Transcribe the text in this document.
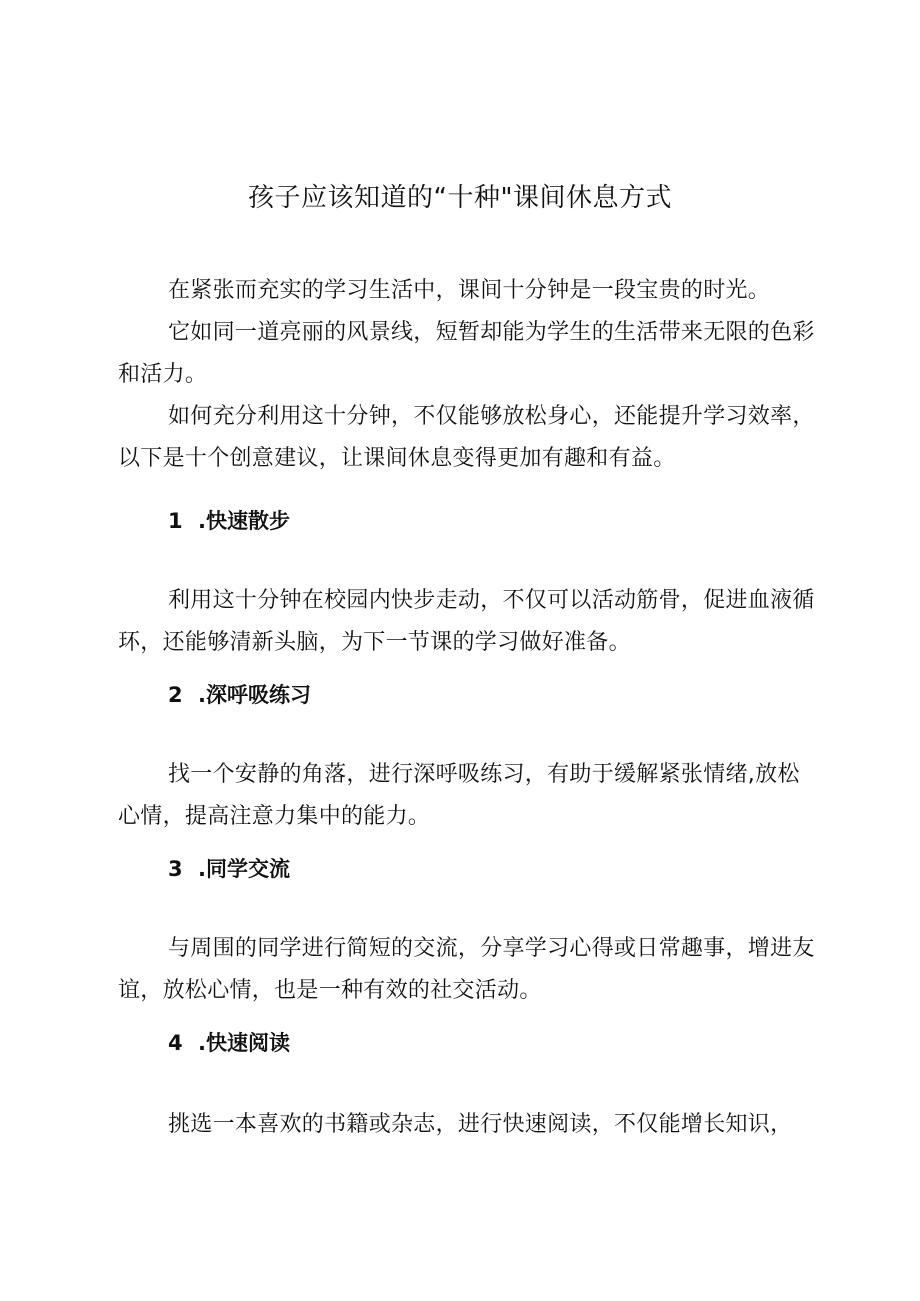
孩子应该知道的“十种"课间休息方式
在紧张而充实的学习生活中，课间十分钟是一段宝贵的时光。
它如同一道亮丽的风景线，短暂却能为学生的生活带来无限的色彩和活力。
如何充分利用这十分钟，不仅能够放松身心，还能提升学习效率，以下是十个创意建议，让课间休息变得更加有趣和有益。
1 .快速散步
利用这十分钟在校园内快步走动，不仅可以活动筋骨，促进血液循环，还能够清新头脑，为下一节课的学习做好准备。
2 .深呼吸练习
找一个安静的角落，进行深呼吸练习，有助于缓解紧张情绪,放松心情，提高注意力集中的能力。
3 .同学交流
与周围的同学进行简短的交流，分享学习心得或日常趣事，增进友谊，放松心情，也是一种有效的社交活动。
4 .快速阅读
挑选一本喜欢的书籍或杂志，进行快速阅读，不仅能增长知识，
